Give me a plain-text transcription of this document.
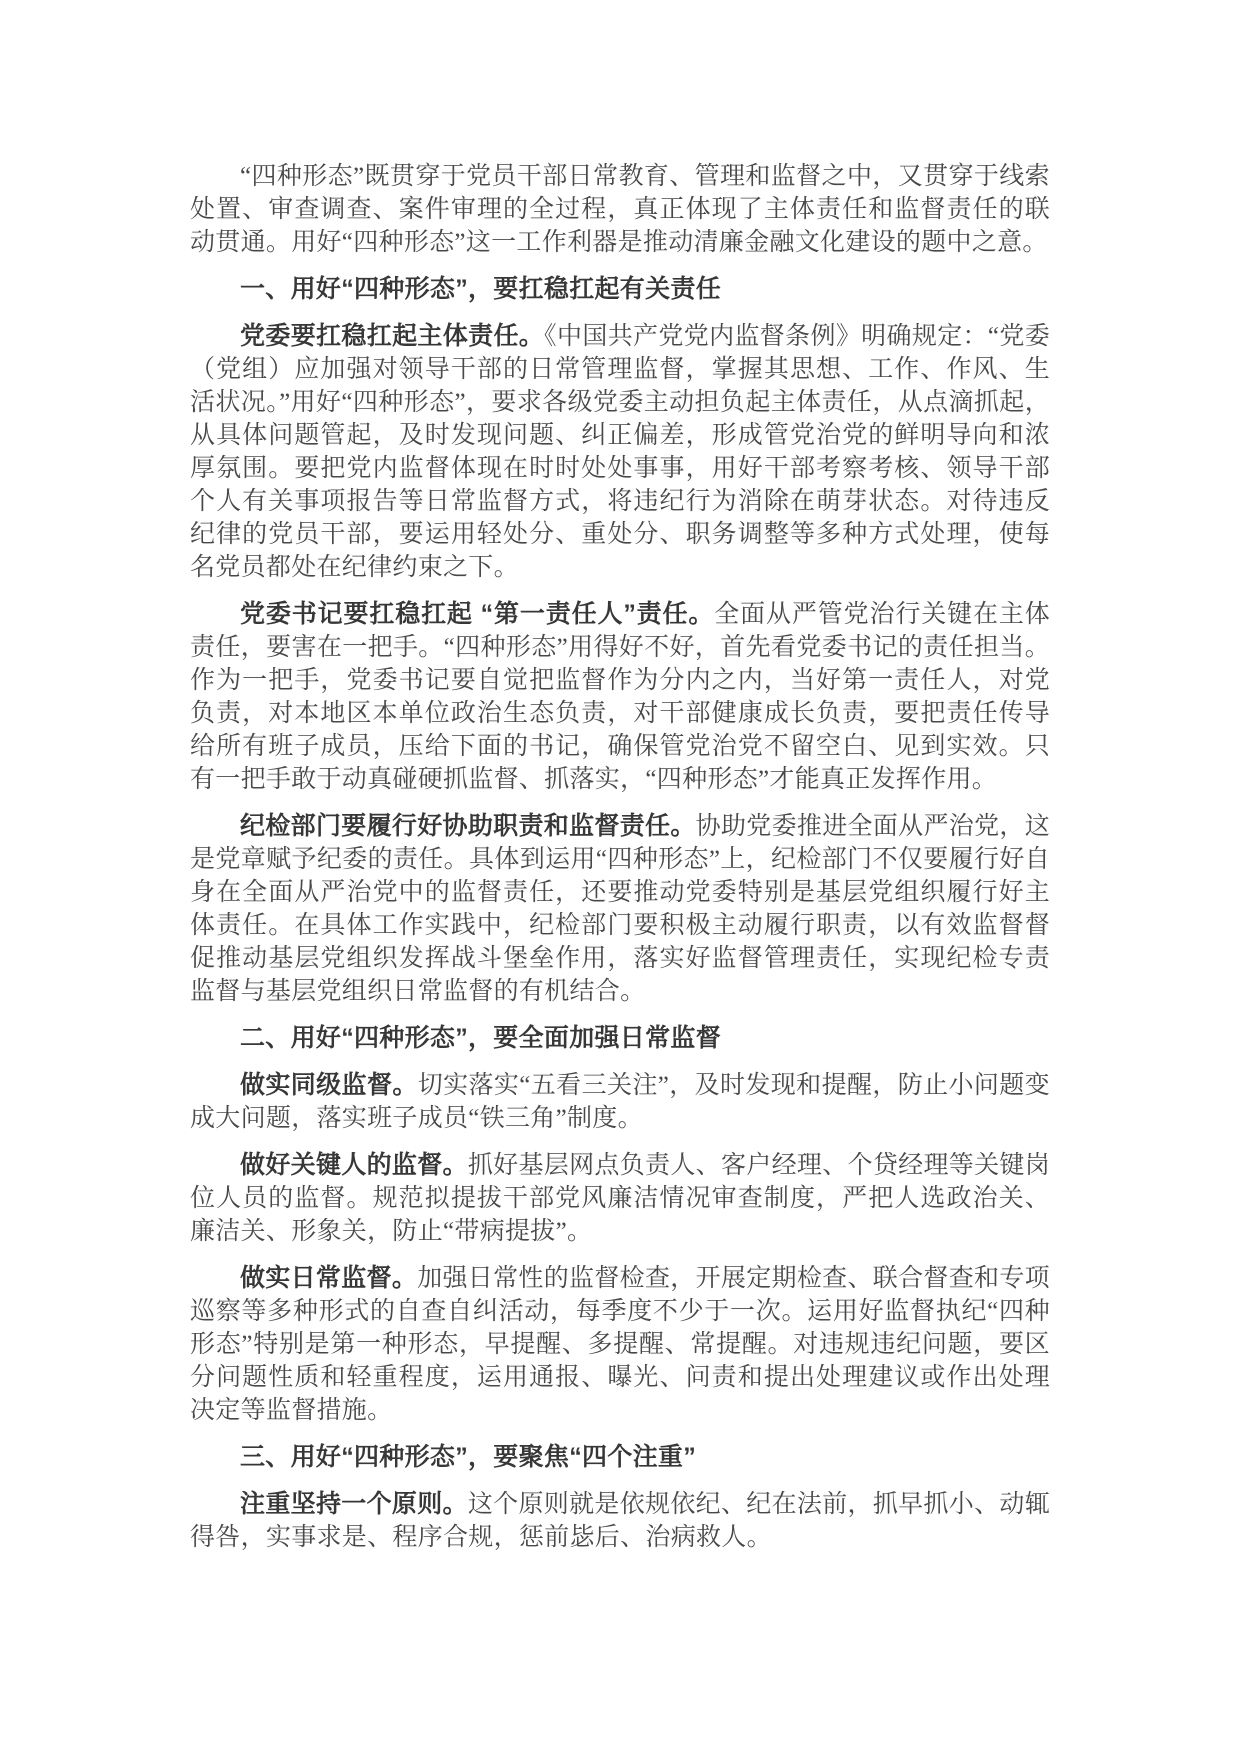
“四种形态”既贯穿于党员干部日常教育、管理和监督之中，又贯穿于线索处置、审查调查、案件审理的全过程，真正体现了主体责任和监督责任的联动贯通。用好“四种形态”这一工作利器是推动清廉金融文化建设的题中之意。

一、用好“四种形态”，要扛稳扛起有关责任

党委要扛稳扛起主体责任。《中国共产党党内监督条例》明确规定：“党委（党组）应加强对领导干部的日常管理监督，掌握其思想、工作、作风、生活状况。”用好“四种形态”，要求各级党委主动担负起主体责任，从点滴抓起，从具体问题管起，及时发现问题、纠正偏差，形成管党治党的鲜明导向和浓厚氛围。要把党内监督体现在时时处处事事，用好干部考察考核、领导干部个人有关事项报告等日常监督方式，将违纪行为消除在萌芽状态。对待违反纪律的党员干部，要运用轻处分、重处分、职务调整等多种方式处理，使每名党员都处在纪律约束之下。

党委书记要扛稳扛起 “第一责任人”责任。全面从严管党治行关键在主体责任，要害在一把手。“四种形态”用得好不好，首先看党委书记的责任担当。作为一把手，党委书记要自觉把监督作为分内之内，当好第一责任人，对党负责，对本地区本单位政治生态负责，对干部健康成长负责，要把责任传导给所有班子成员，压给下面的书记，确保管党治党不留空白、见到实效。只有一把手敢于动真碰硬抓监督、抓落实，“四种形态”才能真正发挥作用。

纪检部门要履行好协助职责和监督责任。协助党委推进全面从严治党，这是党章赋予纪委的责任。具体到运用“四种形态”上，纪检部门不仅要履行好自身在全面从严治党中的监督责任，还要推动党委特别是基层党组织履行好主体责任。在具体工作实践中，纪检部门要积极主动履行职责，以有效监督督促推动基层党组织发挥战斗堡垒作用，落实好监督管理责任，实现纪检专责监督与基层党组织日常监督的有机结合。

二、用好“四种形态”，要全面加强日常监督

做实同级监督。切实落实“五看三关注”，及时发现和提醒，防止小问题变成大问题，落实班子成员“铁三角”制度。

做好关键人的监督。抓好基层网点负责人、客户经理、个贷经理等关键岗位人员的监督。规范拟提拔干部党风廉洁情况审查制度，严把人选政治关、廉洁关、形象关，防止“带病提拔”。

做实日常监督。加强日常性的监督检查，开展定期检查、联合督查和专项巡察等多种形式的自查自纠活动，每季度不少于一次。运用好监督执纪“四种形态”特别是第一种形态，早提醒、多提醒、常提醒。对违规违纪问题，要区分问题性质和轻重程度，运用通报、曝光、问责和提出处理建议或作出处理决定等监督措施。

三、用好“四种形态”，要聚焦“四个注重”

注重坚持一个原则。这个原则就是依规依纪、纪在法前，抓早抓小、动辄得咎，实事求是、程序合规，惩前毖后、治病救人。
